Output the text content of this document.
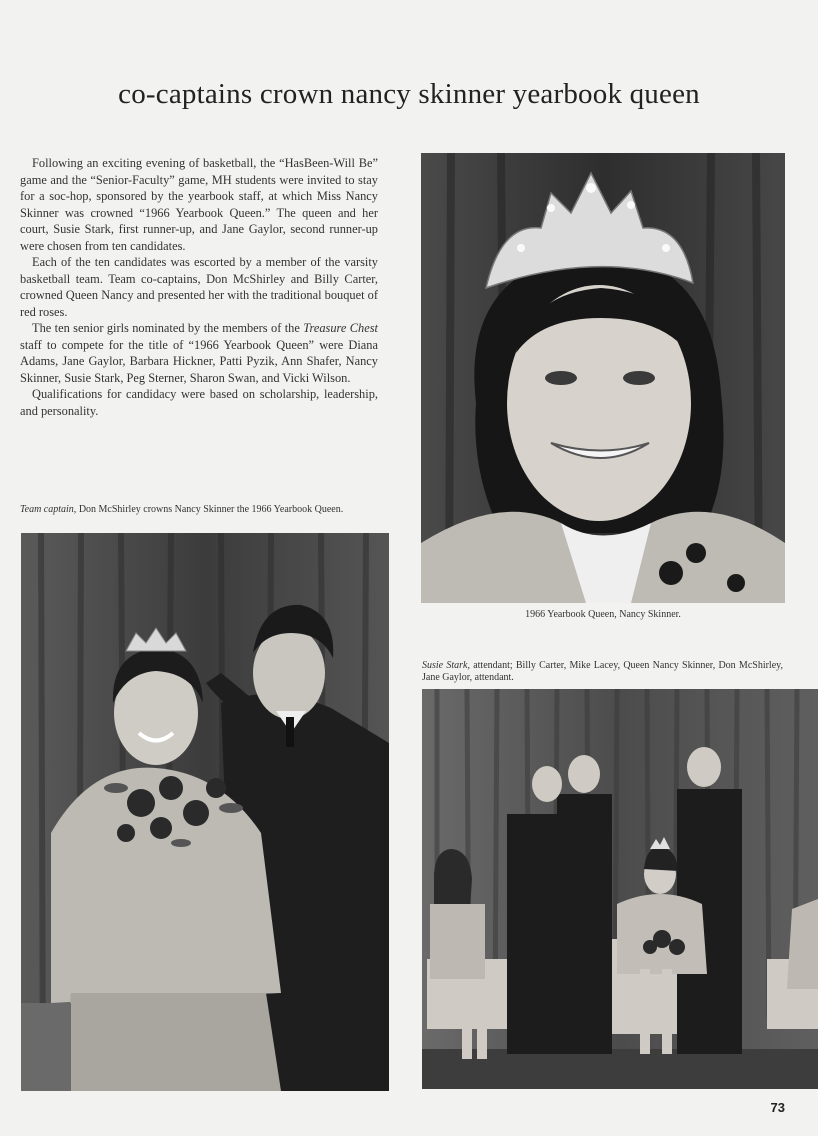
co-captains crown nancy skinner yearbook queen

Following an exciting evening of basketball, the “HasBeen-Will Be” game and the “Senior-Faculty” game, MH students were invited to stay for a soc-hop, sponsored by the yearbook staff, at which Miss Nancy Skinner was crowned “1966 Yearbook Queen.” The queen and her court, Susie Stark, first runner-up, and Jane Gaylor, second runner-up were chosen from ten candidates.

Each of the ten candidates was escorted by a member of the varsity basketball team. Team co-captains, Don McShirley and Billy Carter, crowned Queen Nancy and presented her with the traditional bouquet of red roses.

The ten senior girls nominated by the members of the Treasure Chest staff to compete for the title of “1966 Yearbook Queen” were Diana Adams, Jane Gaylor, Barbara Hickner, Patti Pyzik, Ann Shafer, Nancy Skinner, Susie Stark, Peg Sterner, Sharon Swan, and Vicki Wilson.

Qualifications for candidacy were based on scholarship, leadership, and personality.

Team captain, Don McShirley crowns Nancy Skinner the 1966 Yearbook Queen.
1966 Yearbook Queen, Nancy Skinner.
Susie Stark, attendant; Billy Carter, Mike Lacey, Queen Nancy Skinner, Don McShirley, Jane Gaylor, attendant.
73
